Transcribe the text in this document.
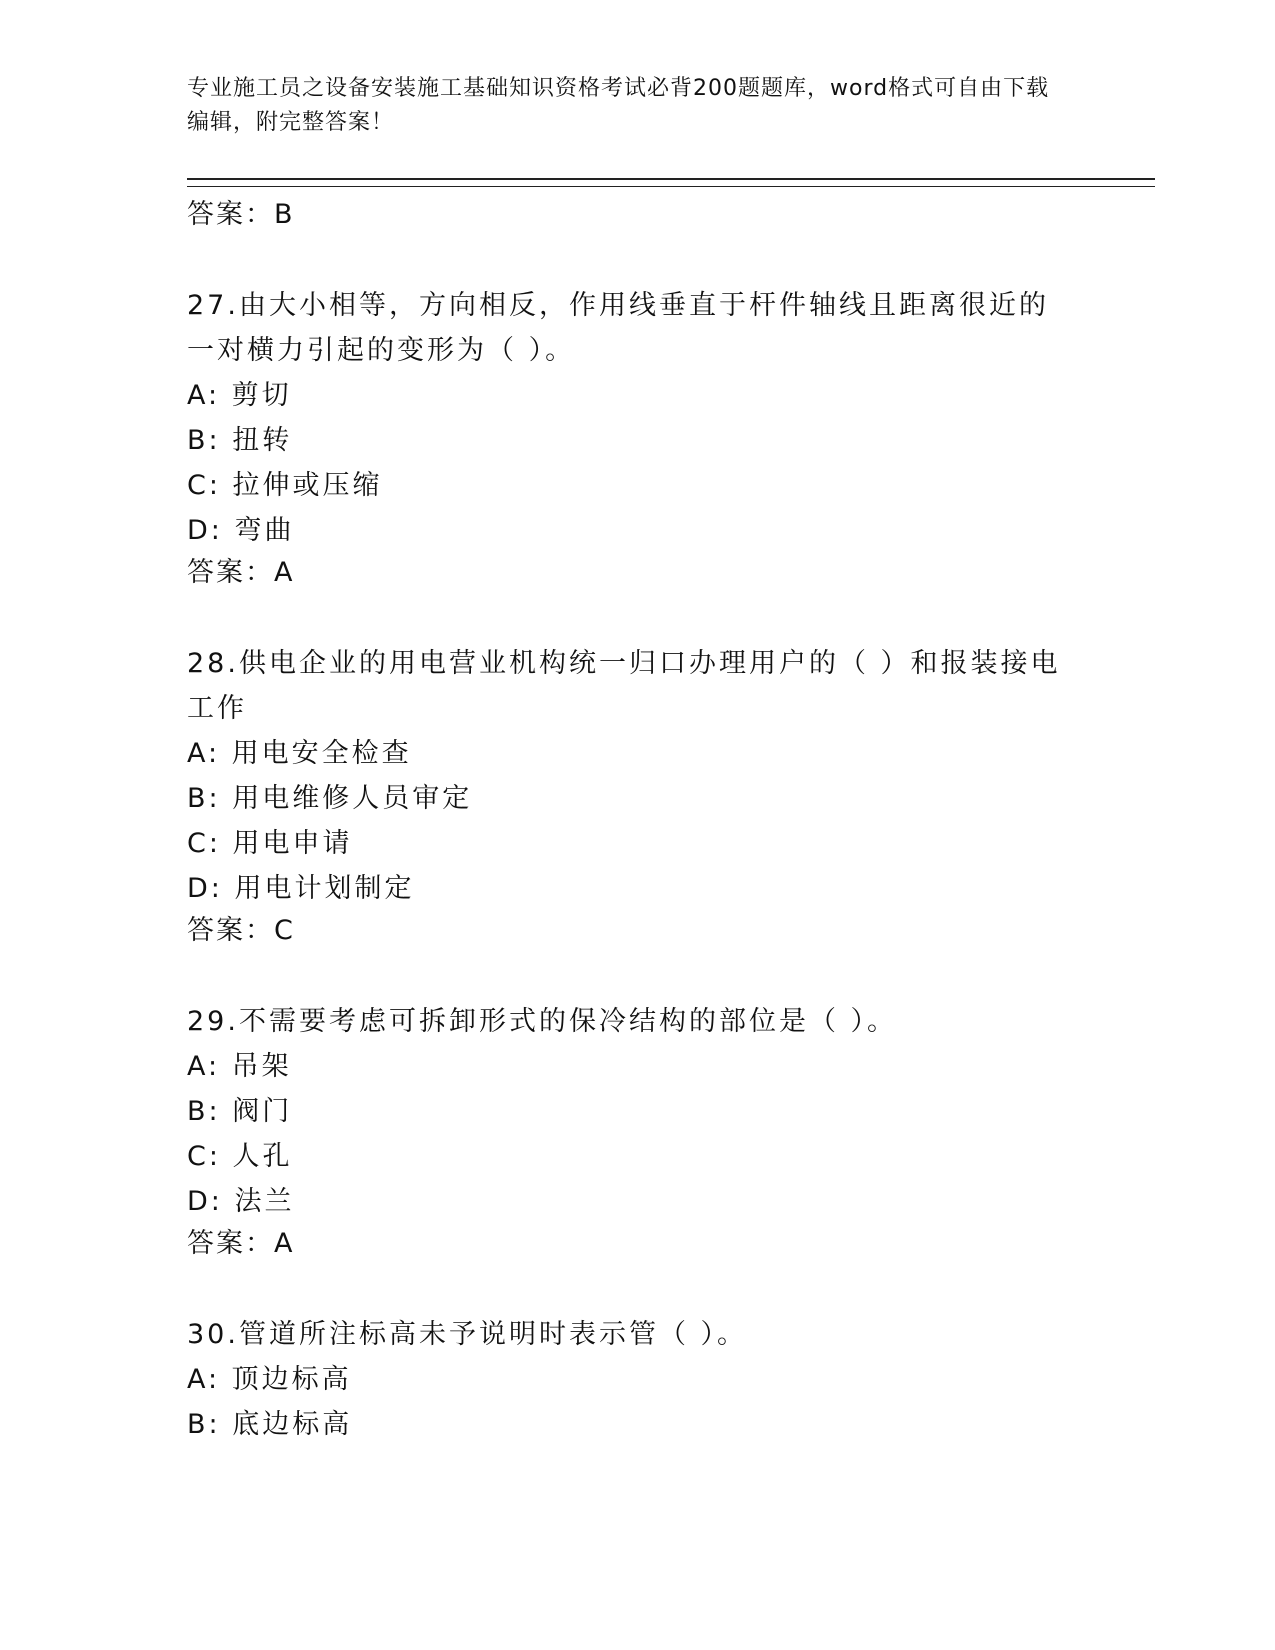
专业施工员之设备安装施工基础知识资格考试必背200题题库，word格式可自由下载编辑，附完整答案！
答案：B
27.由大小相等，方向相反，作用线垂直于杆件轴线且距离很近的一对横力引起的变形为（ ）。
A: 剪切
B: 扭转
C: 拉伸或压缩
D: 弯曲
答案：A
28.供电企业的用电营业机构统一归口办理用户的（ ）和报装接电工作
A: 用电安全检查
B: 用电维修人员审定
C: 用电申请
D: 用电计划制定
答案：C
29.不需要考虑可拆卸形式的保冷结构的部位是（ ）。
A: 吊架
B: 阀门
C: 人孔
D: 法兰
答案：A
30.管道所注标高未予说明时表示管（ ）。
A: 顶边标高
B: 底边标高
